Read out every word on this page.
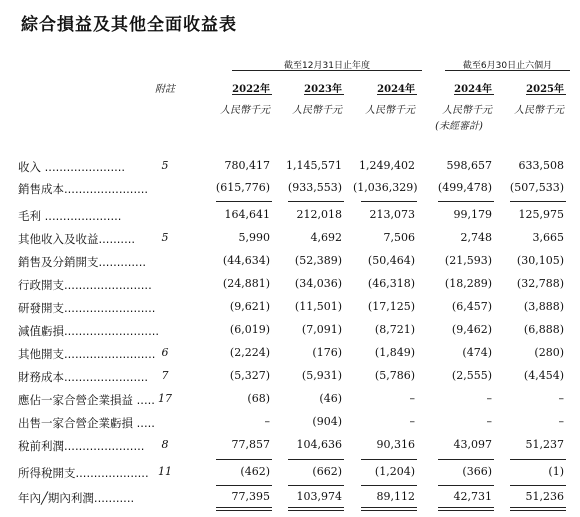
綜合損益及其他全面收益表
截至12月31日止年度	截至6月30日止六個月
附註	2022年	2023年	2024年	2024年	2025年
人民幣千元	人民幣千元	人民幣千元	人民幣千元	人民幣千元
(未經審計)
收入 ......................	5	780,417	1,145,571	1,249,402	598,657	633,508
銷售成本.......................	(615,776)	(933,553) (1,036,329)	(499,478)	(507,533)
毛利 .....................	164,641	212,018	213,073	99,179	125,975
其他收入及收益..........	5	5,990	4,692	7,506	2,748	3,665
銷售及分銷開支.............	(44,634)	(52,389)	(50,464)	(21,593)	(30,105)
行政開支........................	(24,881)	(34,036)	(46,318)	(18,289)	(32,788)
研發開支.........................	(9,621)	(11,501)	(17,125)	(6,457)	(3,888)
減值虧損..........................	(6,019)	(7,091)	(8,721)	(9,462)	(6,888)
其他開支......................... 6	(2,224)	(176)	(1,849)	(474)	(280)
財務成本.......................	7	(5,327)	(5,931)	(5,786)	(2,555)	(4,454)
應佔一家合營企業損益 ..... 17	(68)	(46)	–	–	–
出售一家合營企業虧損 .....	–	(904)	–	–	–
稅前利潤......................	8	77,857	104,636	90,316	43,097	51,237
所得稅開支.................... 11	(462)	(662)	(1,204)	(366)	(1)
年內╱期內利潤...........	77,395	103,974	89,112	42,731	51,236
